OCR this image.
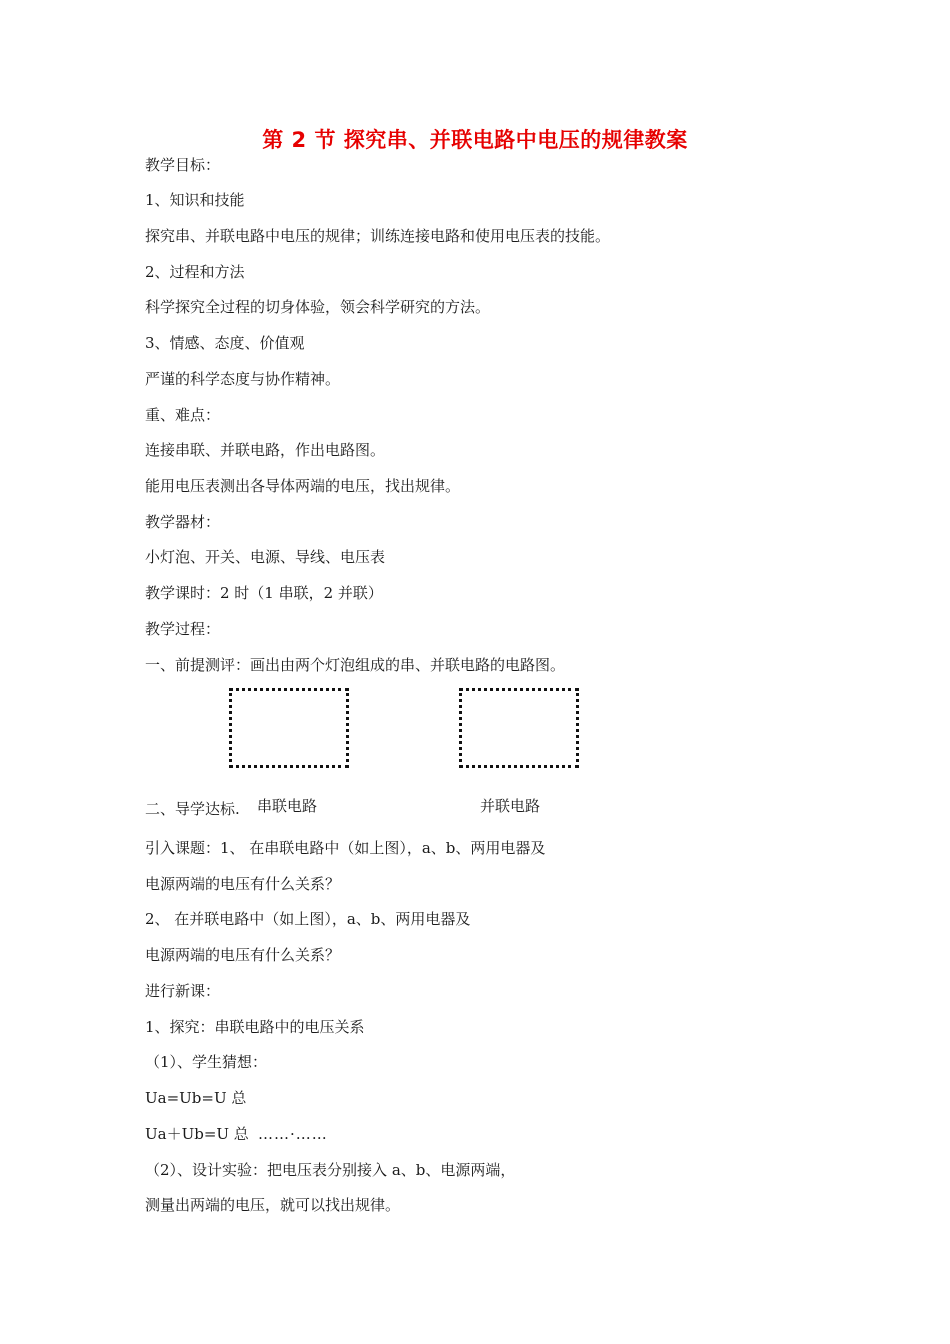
第 2 节 探究串、并联电路中电压的规律教案
教学目标：
1、知识和技能
探究串、并联电路中电压的规律；训练连接电路和使用电压表的技能。
2、过程和方法
科学探究全过程的切身体验，领会科学研究的方法。
3、情感、态度、价值观
严谨的科学态度与协作精神。
重、难点：
连接串联、并联电路，作出电路图。
能用电压表测出各导体两端的电压，找出规律。
教学器材：
小灯泡、开关、电源、导线、电压表
教学课时：2 时（1 串联，2 并联）
教学过程：
一、前提测评：画出由两个灯泡组成的串、并联电路的电路图。
二、导学达标. 串联电路	并联电路
引入课题：1、 在串联电路中（如上图），a、b、两用电器及
电源两端的电压有什么关系？
2、 在并联电路中（如上图），a、b、两用电器及
电源两端的电压有什么关系？
进行新课：
1、探究：串联电路中的电压关系
（1）、学生猜想：
Ua=Ub=U 总
Ua＋Ub=U 总 ……·……
（2）、设计实验：把电压表分别接入 a、b、电源两端，
测量出两端的电压，就可以找出规律。
